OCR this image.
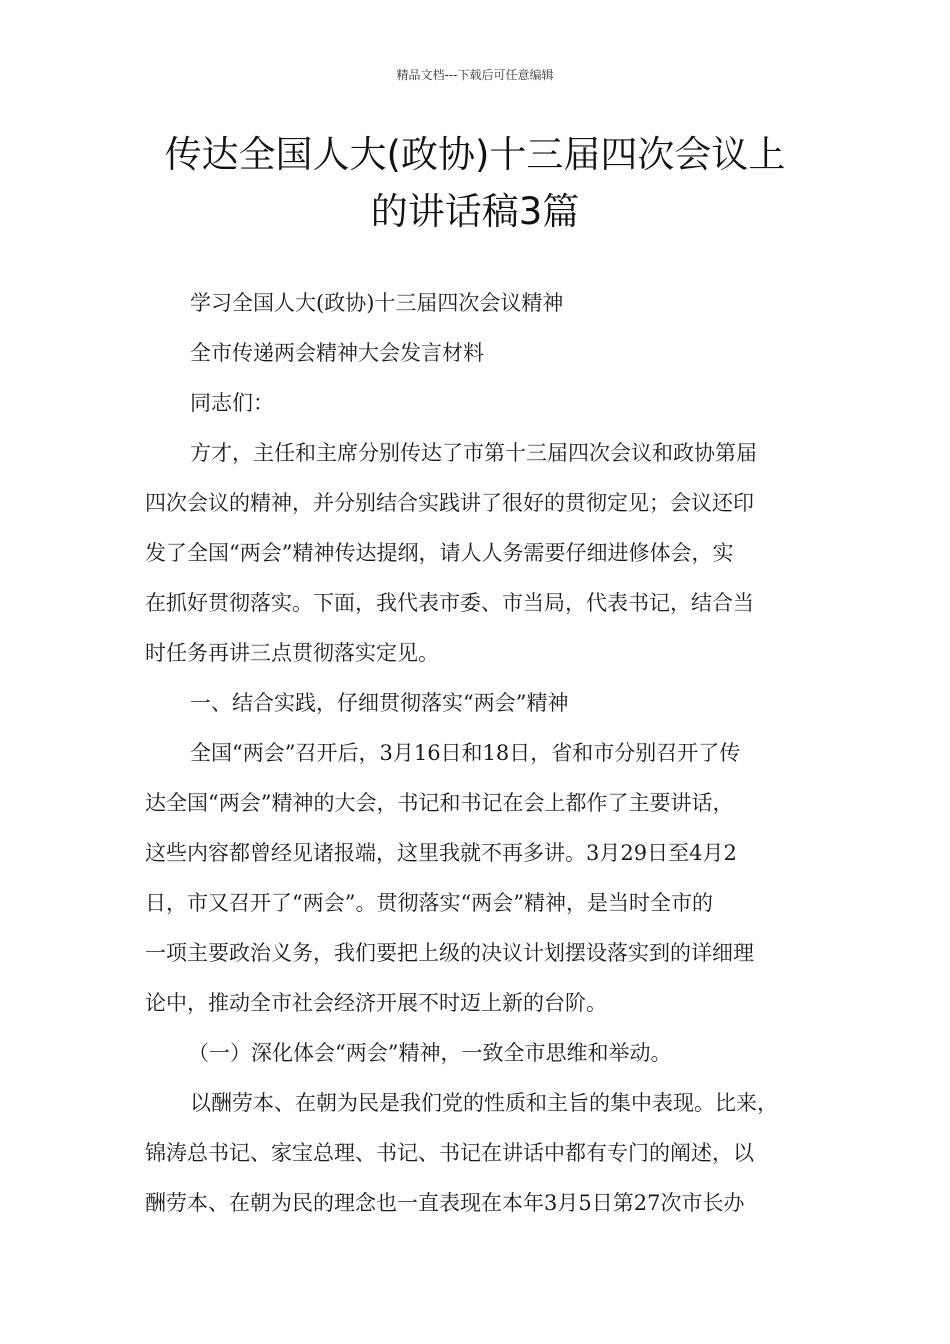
精品文档---下载后可任意编辑
传达全国人大(政协)十三届四次会议上
的讲话稿3篇

学习全国人大(政协)十三届四次会议精神

全市传递两会精神大会发言材料

同志们：

方才，主任和主席分别传达了市第十三届四次会议和政协第届

四次会议的精神，并分别结合实践讲了很好的贯彻定见；会议还印

发了全国“两会”精神传达提纲，请人人务需要仔细进修体会，实

在抓好贯彻落实。下面，我代表市委、市当局，代表书记，结合当

时任务再讲三点贯彻落实定见。

一、结合实践，仔细贯彻落实“两会”精神

全国“两会”召开后，3月16日和18日，省和市分别召开了传

达全国“两会”精神的大会，书记和书记在会上都作了主要讲话，

这些内容都曾经见诸报端，这里我就不再多讲。3月29日至4月2

日，市又召开了“两会”。贯彻落实“两会”精神，是当时全市的

一项主要政治义务，我们要把上级的决议计划摆设落实到的详细理

论中，推动全市社会经济开展不时迈上新的台阶。

（一）深化体会“两会”精神，一致全市思维和举动。

以酬劳本、在朝为民是我们党的性质和主旨的集中表现。比来，

锦涛总书记、家宝总理、书记、书记在讲话中都有专门的阐述，以

酬劳本、在朝为民的理念也一直表现在本年3月5日第27次市长办
